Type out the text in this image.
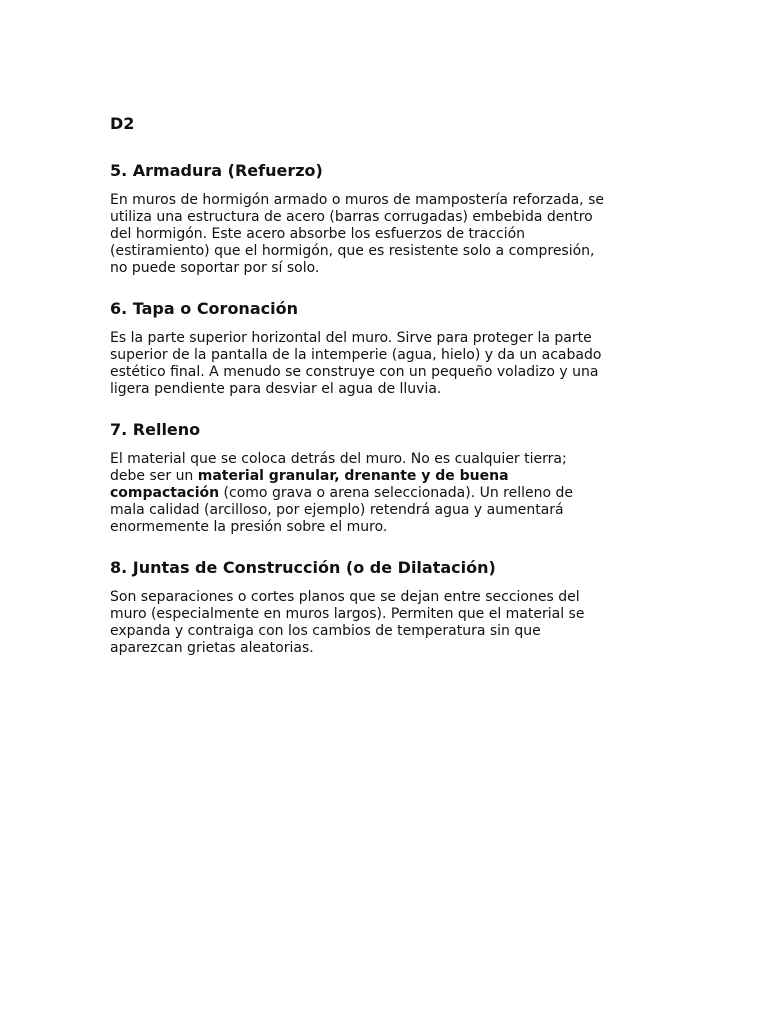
D2
5. Armadura (Refuerzo)

En muros de hormigón armado o muros de mampostería reforzada, se
utiliza una estructura de acero (barras corrugadas) embebida dentro
del hormigón. Este acero absorbe los esfuerzos de tracción
(estiramiento) que el hormigón, que es resistente solo a compresión,
no puede soportar por sí solo.

6. Tapa o Coronación

Es la parte superior horizontal del muro. Sirve para proteger la parte
superior de la pantalla de la intemperie (agua, hielo) y da un acabado
estético final. A menudo se construye con un pequeño voladizo y una
ligera pendiente para desviar el agua de lluvia.

7. Relleno

El material que se coloca detrás del muro. No es cualquier tierra;
debe ser un material granular, drenante y de buena
compactación (como grava o arena seleccionada). Un relleno de
mala calidad (arcilloso, por ejemplo) retendrá agua y aumentará
enormemente la presión sobre el muro.

8. Juntas de Construcción (o de Dilatación)

Son separaciones o cortes planos que se dejan entre secciones del
muro (especialmente en muros largos). Permiten que el material se
expanda y contraiga con los cambios de temperatura sin que
aparezcan grietas aleatorias.
